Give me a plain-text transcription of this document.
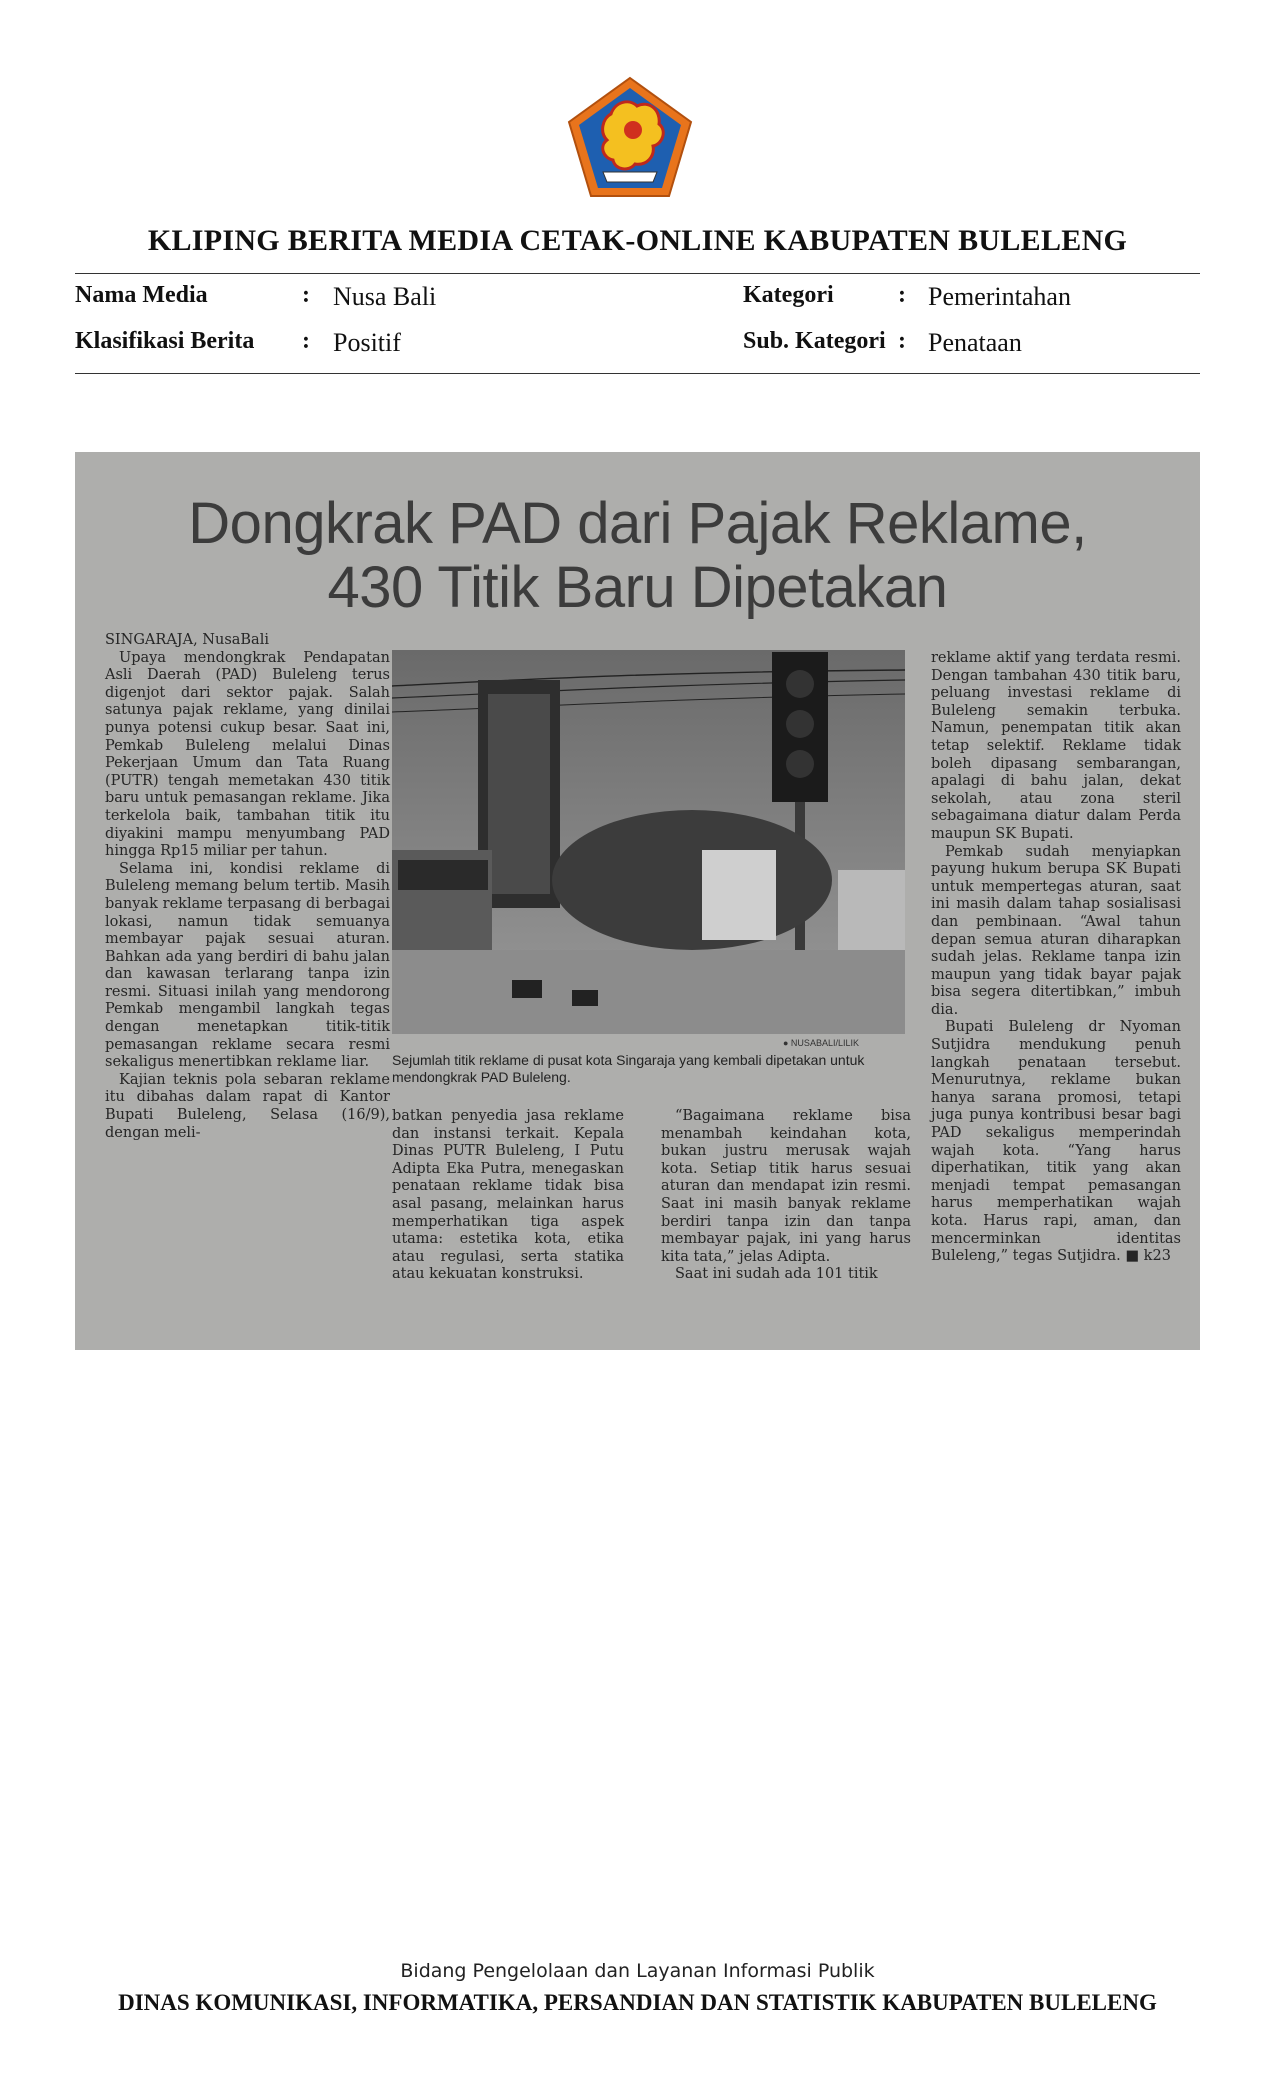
KLIPING BERITA MEDIA CETAK-ONLINE KABUPATEN BULELENG
Nama Media	: Nusa Bali
Klasifikasi Berita : Positif
Kategori	: Pemerintahan
Sub. Kategori : Penataan
Dongkrak PAD dari Pajak Reklame,
430 Titik Baru Dipetakan
SINGARAJA, NusaBali

Upaya mendongkrak Pendapatan Asli Daerah (PAD) Buleleng terus digenjot dari sektor pajak. Salah satunya pajak reklame, yang dinilai punya potensi cukup besar. Saat ini, Pemkab Buleleng melalui Dinas Pekerjaan Umum dan Tata Ruang (PUTR) tengah memetakan 430 titik baru untuk pemasangan reklame. Jika terkelola baik, tambahan titik itu diyakini mampu menyumbang PAD hingga Rp15 miliar per tahun.

Selama ini, kondisi reklame di Buleleng memang belum tertib. Masih banyak reklame terpasang di berbagai lokasi, namun tidak semuanya membayar pajak sesuai aturan. Bahkan ada yang berdiri di bahu jalan dan kawasan terlarang tanpa izin resmi. Situasi inilah yang mendorong Pemkab mengambil langkah tegas dengan menetapkan titik-titik pemasangan reklame secara resmi sekaligus menertibkan reklame liar.

Kajian teknis pola sebaran reklame itu dibahas dalam rapat di Kantor Bupati Buleleng, Selasa (16/9), dengan meli-

● NUSABALI/LILIK
Sejumlah titik reklame di pusat kota Singaraja yang kembali dipetakan untuk mendongkrak PAD Buleleng.

batkan penyedia jasa reklame dan instansi terkait. Kepala Dinas PUTR Buleleng, I Putu Adipta Eka Putra, menegaskan penataan reklame tidak bisa asal pasang, melainkan harus memperhatikan tiga aspek utama: estetika kota, etika atau regulasi, serta statika atau kekuatan konstruksi.

“Bagaimana reklame bisa menambah keindahan kota, bukan justru merusak wajah kota. Setiap titik harus sesuai aturan dan mendapat izin resmi. Saat ini masih banyak reklame berdiri tanpa izin dan tanpa membayar pajak, ini yang harus kita tata,” jelas Adipta.

Saat ini sudah ada 101 titik

reklame aktif yang terdata resmi. Dengan tambahan 430 titik baru, peluang investasi reklame di Buleleng semakin terbuka. Namun, penempatan titik akan tetap selektif. Reklame tidak boleh dipasang sembarangan, apalagi di bahu jalan, dekat sekolah, atau zona steril sebagaimana diatur dalam Perda maupun SK Bupati.

Pemkab sudah menyiapkan payung hukum berupa SK Bupati untuk mempertegas aturan, saat ini masih dalam tahap sosialisasi dan pembinaan. “Awal tahun depan semua aturan diharapkan sudah jelas. Reklame tanpa izin maupun yang tidak bayar pajak bisa segera ditertibkan,” imbuh dia.

Bupati Buleleng dr Nyoman Sutjidra mendukung penuh langkah penataan tersebut. Menurutnya, reklame bukan hanya sarana promosi, tetapi juga punya kontribusi besar bagi PAD sekaligus memperindah wajah kota. “Yang harus diperhatikan, titik yang akan menjadi tempat pemasangan harus memperhatikan wajah kota. Harus rapi, aman, dan mencerminkan identitas Buleleng,” tegas Sutjidra. ■ k23

Bidang Pengelolaan dan Layanan Informasi Publik
DINAS KOMUNIKASI, INFORMATIKA, PERSANDIAN DAN STATISTIK KABUPATEN BULELENG
